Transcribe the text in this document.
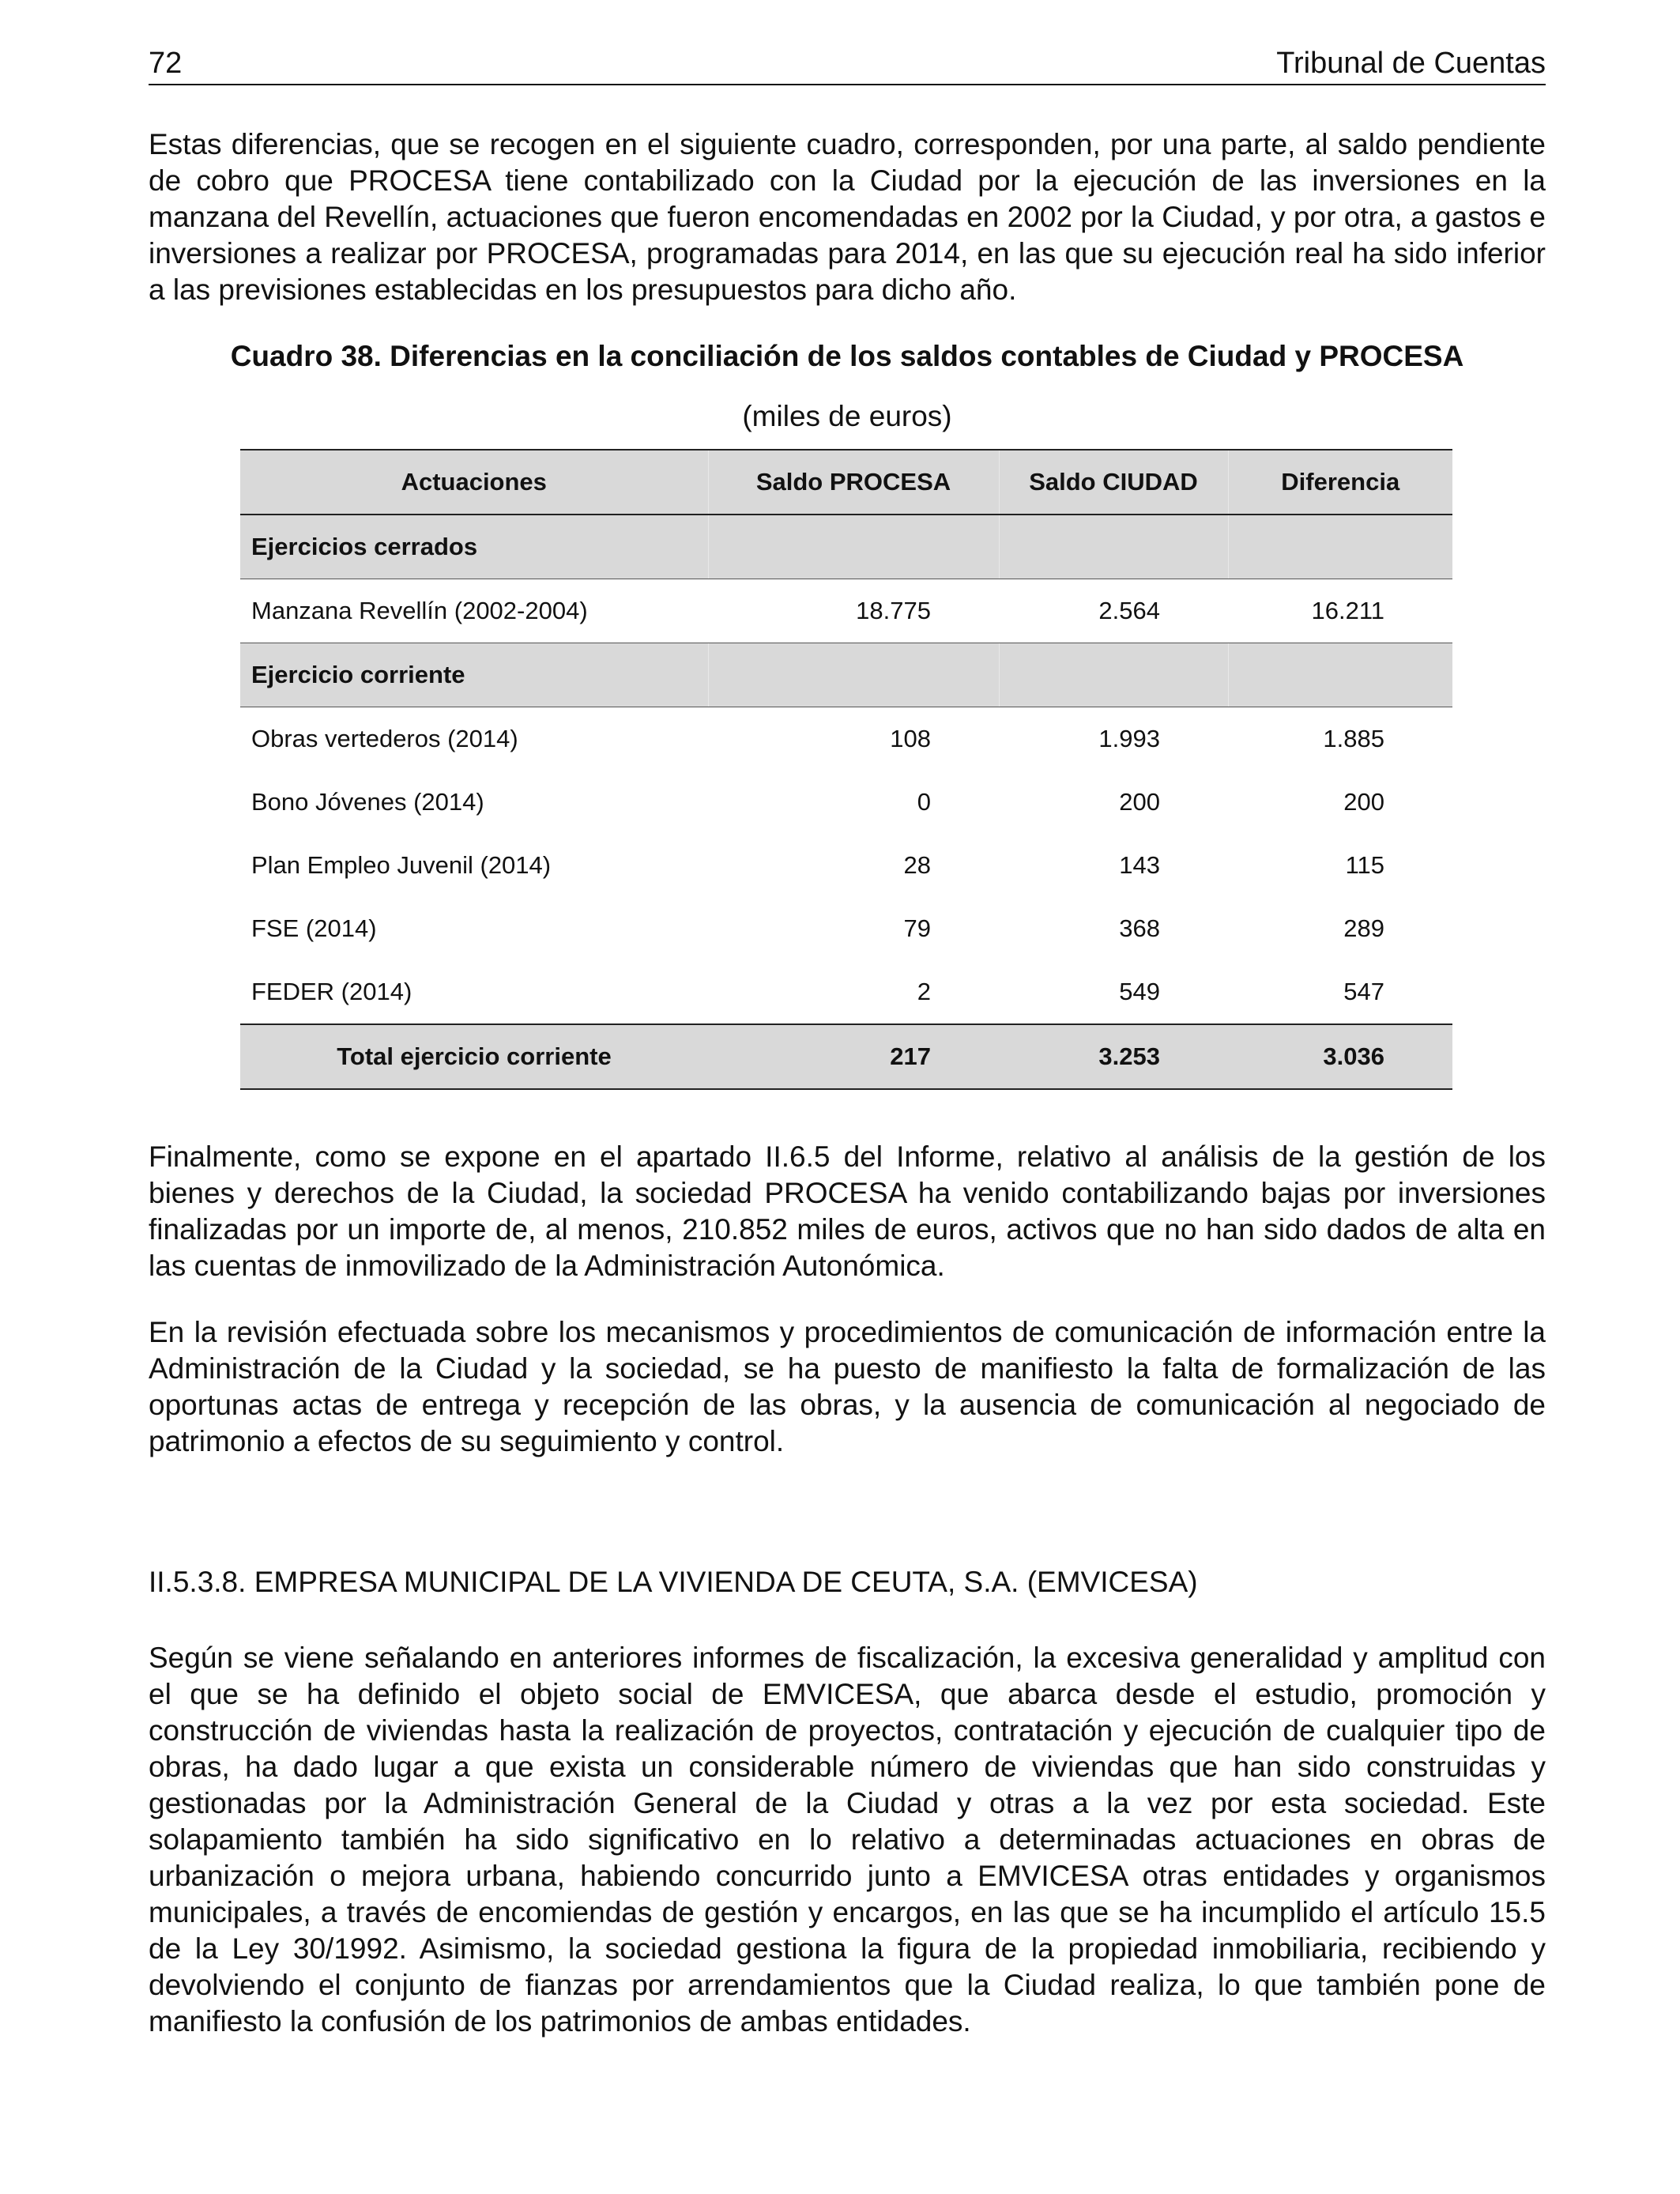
72	Tribunal de Cuentas

Estas diferencias, que se recogen en el siguiente cuadro, corresponden, por una parte, al saldo pendiente de cobro que PROCESA tiene contabilizado con la Ciudad por la ejecución de las inversiones en la manzana del Revellín, actuaciones que fueron encomendadas en 2002 por la Ciudad, y por otra, a gastos e inversiones a realizar por PROCESA, programadas para 2014, en las que su ejecución real ha sido inferior a las previsiones establecidas en los presupuestos para dicho año.

Cuadro 38. Diferencias en la conciliación de los saldos contables de Ciudad y PROCESA
(miles de euros)
Actuaciones	Saldo PROCESA	Saldo CIUDAD	Diferencia
Ejercicios cerrados			
Manzana Revellín (2002-2004)	18.775	2.564	16.211
Ejercicio corriente			
Obras vertederos (2014)	108	1.993	1.885
Bono Jóvenes (2014)	0	200	200
Plan Empleo Juvenil (2014)	28	143	115
FSE (2014)	79	368	289
FEDER (2014)	2	549	547
Total ejercicio corriente	217	3.253	3.036

Finalmente, como se expone en el apartado II.6.5 del Informe, relativo al análisis de la gestión de los bienes y derechos de la Ciudad, la sociedad PROCESA ha venido contabilizando bajas por inversiones finalizadas por un importe de, al menos, 210.852 miles de euros, activos que no han sido dados de alta en las cuentas de inmovilizado de la Administración Autonómica.

En la revisión efectuada sobre los mecanismos y procedimientos de comunicación de información entre la Administración de la Ciudad y la sociedad, se ha puesto de manifiesto la falta de formalización de las oportunas actas de entrega y recepción de las obras, y la ausencia de comunicación al negociado de patrimonio a efectos de su seguimiento y control.

II.5.3.8. EMPRESA MUNICIPAL DE LA VIVIENDA DE CEUTA, S.A. (EMVICESA)

Según se viene señalando en anteriores informes de fiscalización, la excesiva generalidad y amplitud con el que se ha definido el objeto social de EMVICESA, que abarca desde el estudio, promoción y construcción de viviendas hasta la realización de proyectos, contratación y ejecución de cualquier tipo de obras, ha dado lugar a que exista un considerable número de viviendas que han sido construidas y gestionadas por la Administración General de la Ciudad y otras a la vez por esta sociedad. Este solapamiento también ha sido significativo en lo relativo a determinadas actuaciones en obras de urbanización o mejora urbana, habiendo concurrido junto a EMVICESA otras entidades y organismos municipales, a través de encomiendas de gestión y encargos, en las que se ha incumplido el artículo 15.5 de la Ley 30/1992. Asimismo, la sociedad gestiona la figura de la propiedad inmobiliaria, recibiendo y devolviendo el conjunto de fianzas por arrendamientos que la Ciudad realiza, lo que también pone de manifiesto la confusión de los patrimonios de ambas entidades.
